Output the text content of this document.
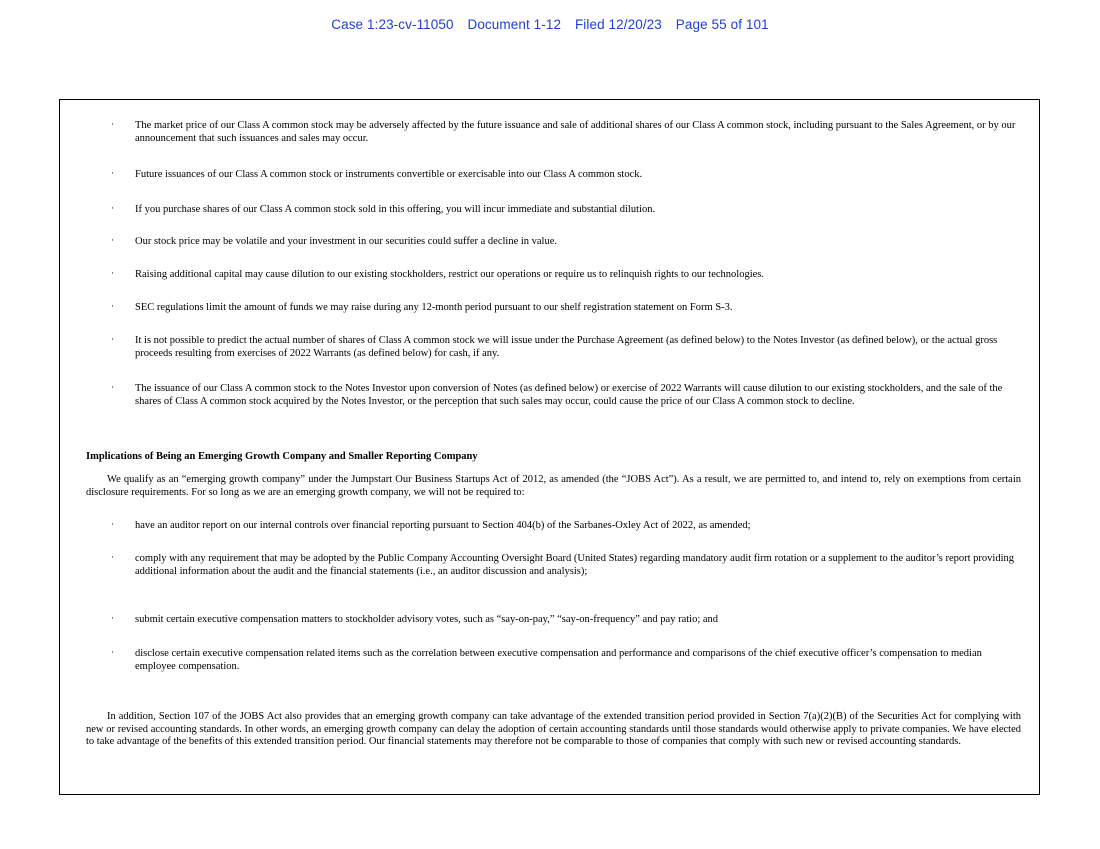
Case 1:23-cv-11050 Document 1-12 Filed 12/20/23 Page 55 of 101
· The market price of our Class A common stock may be adversely affected by the future issuance and sale of additional shares of our Class A common stock, including pursuant to the Sales Agreement, or by our announcement that such issuances and sales may occur.
· Future issuances of our Class A common stock or instruments convertible or exercisable into our Class A common stock.
· If you purchase shares of our Class A common stock sold in this offering, you will incur immediate and substantial dilution.
· Our stock price may be volatile and your investment in our securities could suffer a decline in value.
· Raising additional capital may cause dilution to our existing stockholders, restrict our operations or require us to relinquish rights to our technologies.
· SEC regulations limit the amount of funds we may raise during any 12-month period pursuant to our shelf registration statement on Form S-3.
· It is not possible to predict the actual number of shares of Class A common stock we will issue under the Purchase Agreement (as defined below) to the Notes Investor (as defined below), or the actual gross proceeds resulting from exercises of 2022 Warrants (as defined below) for cash, if any.
· The issuance of our Class A common stock to the Notes Investor upon conversion of Notes (as defined below) or exercise of 2022 Warrants will cause dilution to our existing stockholders, and the sale of the shares of Class A common stock acquired by the Notes Investor, or the perception that such sales may occur, could cause the price of our Class A common stock to decline.
Implications of Being an Emerging Growth Company and Smaller Reporting Company
We qualify as an “emerging growth company” under the Jumpstart Our Business Startups Act of 2012, as amended (the “JOBS Act”). As a result, we are permitted to, and intend to, rely on exemptions from certain disclosure requirements. For so long as we are an emerging growth company, we will not be required to:
· have an auditor report on our internal controls over financial reporting pursuant to Section 404(b) of the Sarbanes-Oxley Act of 2022, as amended;
· comply with any requirement that may be adopted by the Public Company Accounting Oversight Board (United States) regarding mandatory audit firm rotation or a supplement to the auditor’s report providing additional information about the audit and the financial statements (i.e., an auditor discussion and analysis);
· submit certain executive compensation matters to stockholder advisory votes, such as “say-on-pay,” “say-on-frequency” and pay ratio; and
· disclose certain executive compensation related items such as the correlation between executive compensation and performance and comparisons of the chief executive officer’s compensation to median employee compensation.
In addition, Section 107 of the JOBS Act also provides that an emerging growth company can take advantage of the extended transition period provided in Section 7(a)(2)(B) of the Securities Act for complying with new or revised accounting standards. In other words, an emerging growth company can delay the adoption of certain accounting standards until those standards would otherwise apply to private companies. We have elected to take advantage of the benefits of this extended transition period. Our financial statements may therefore not be comparable to those of companies that comply with such new or revised accounting standards.
